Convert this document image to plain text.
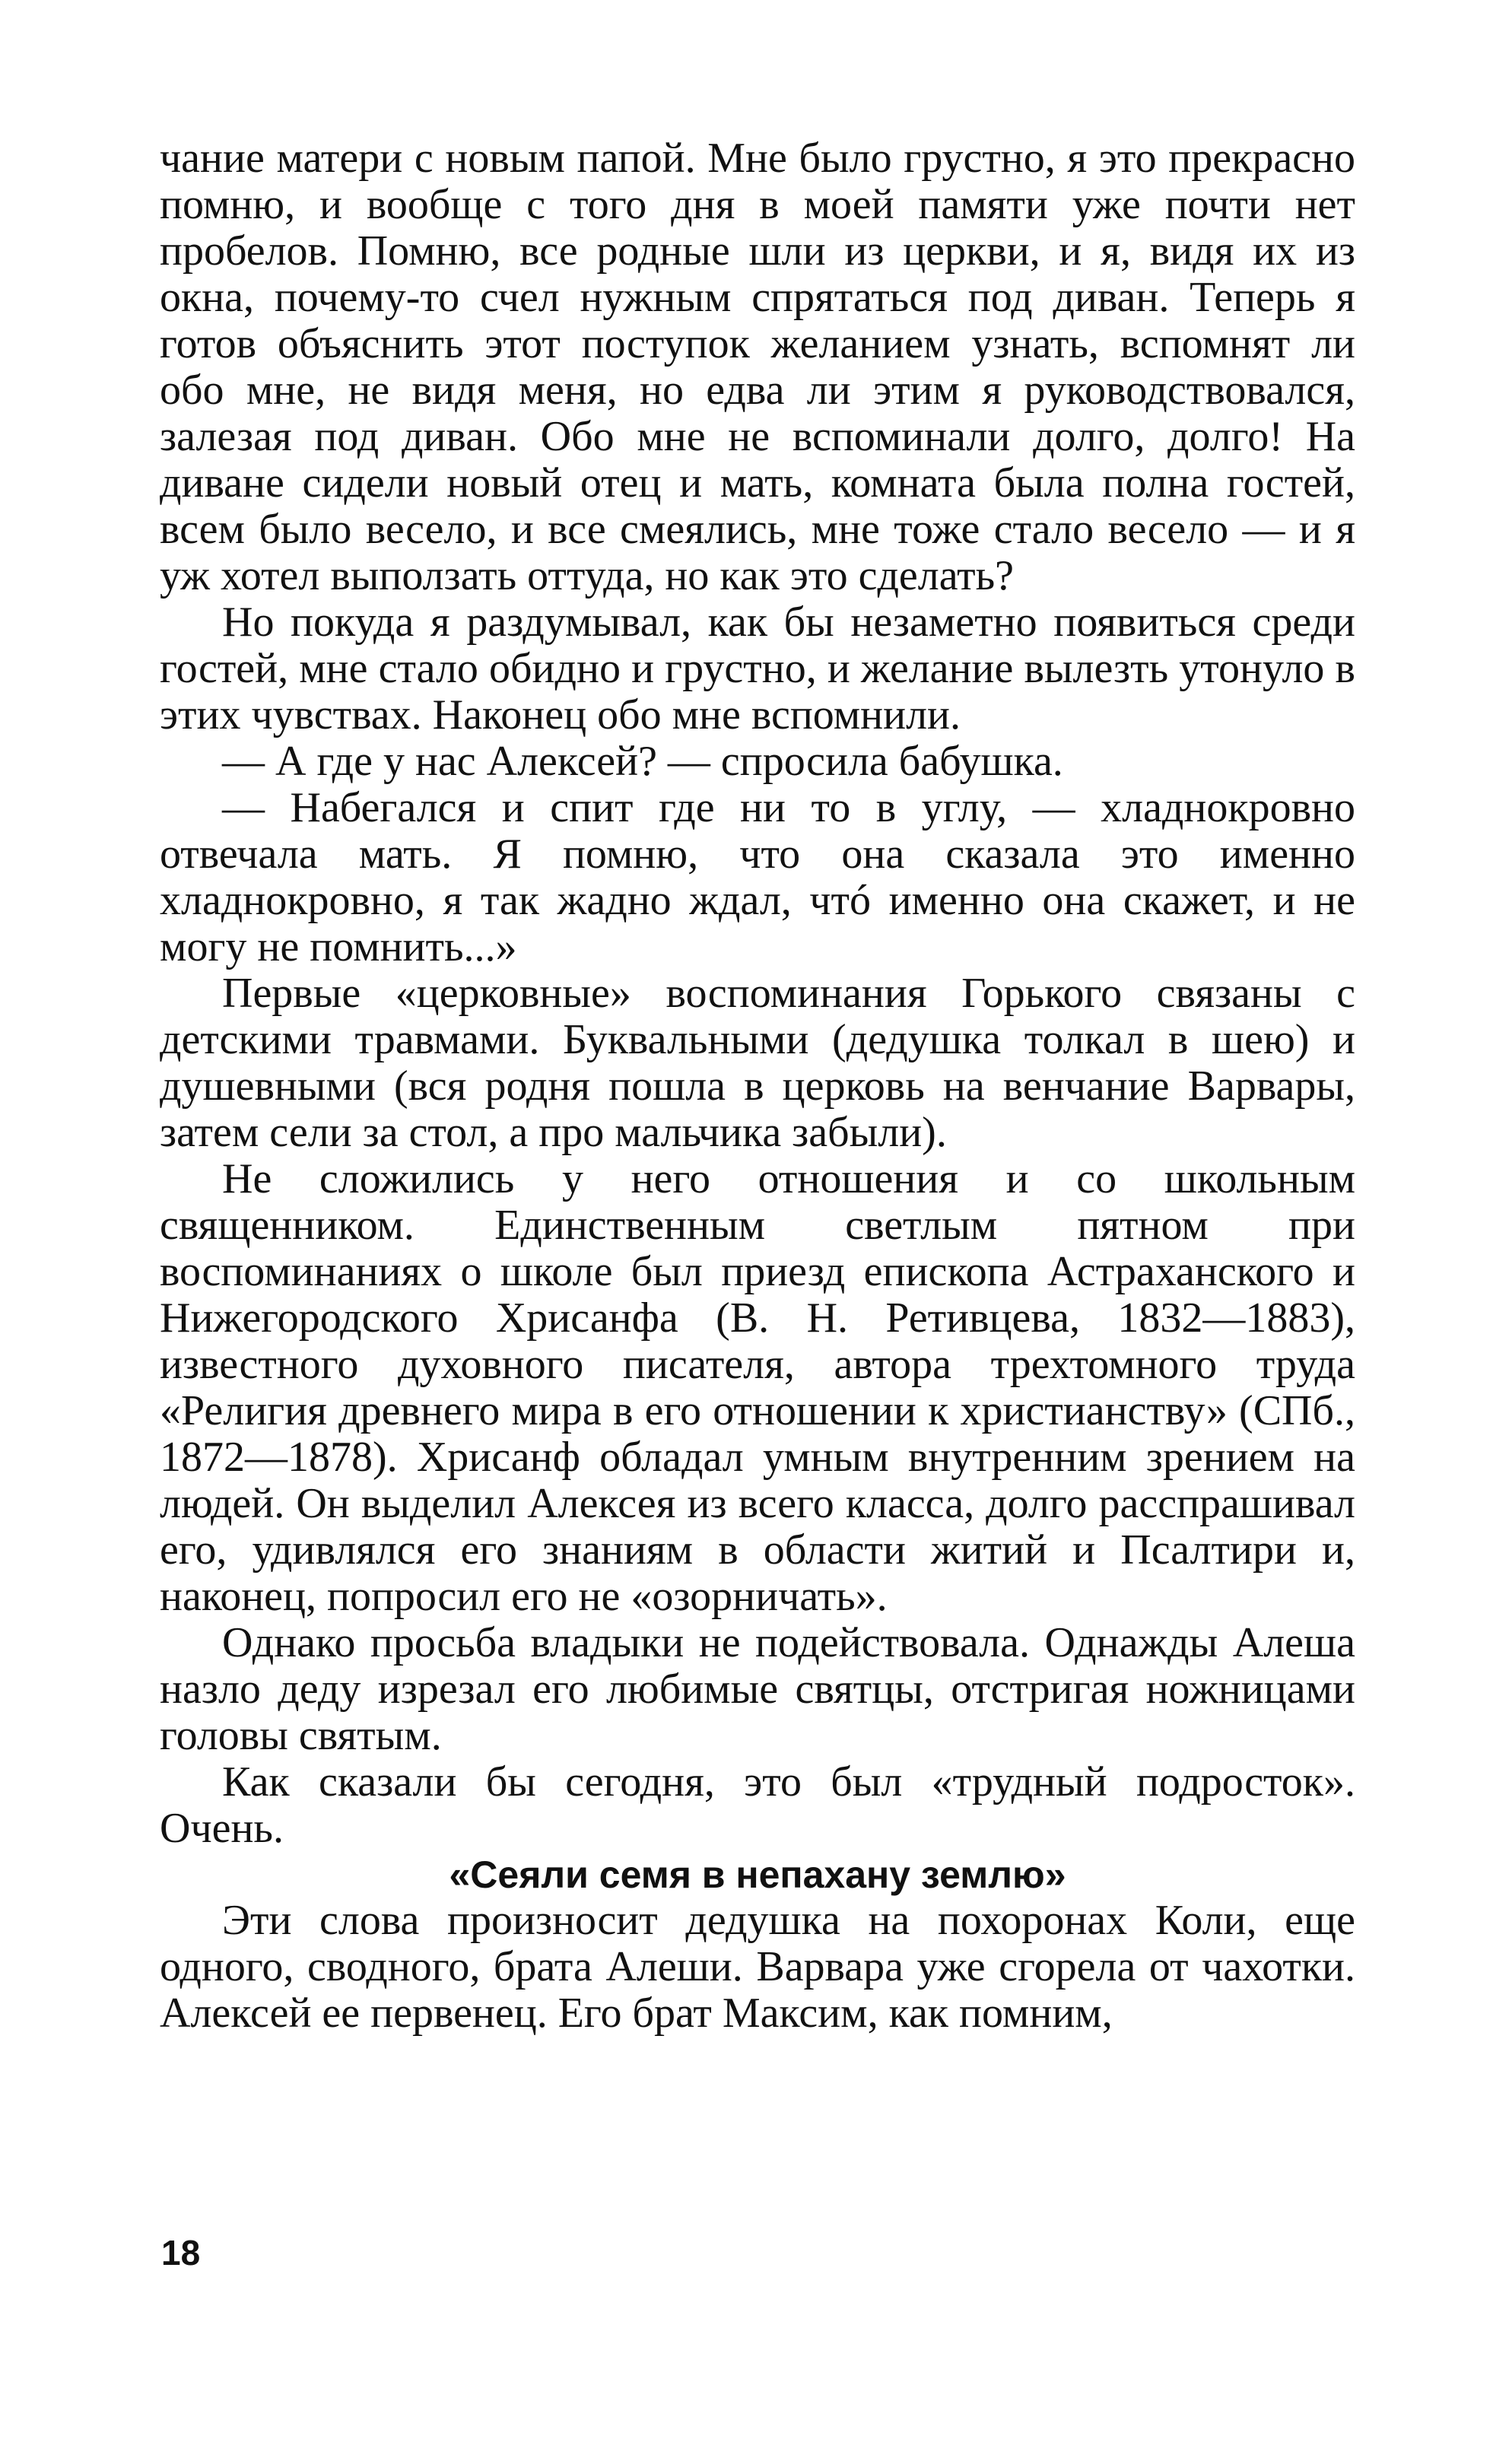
чание матери с новым папой. Мне было грустно, я это прекрасно помню, и вообще с того дня в моей памяти уже почти нет пробелов. Помню, все родные шли из церкви, и я, видя их из окна, почему-то счел нужным спрятаться под диван. Теперь я готов объяснить этот поступок желанием узнать, вспомнят ли обо мне, не видя меня, но едва ли этим я руководствовался, залезая под диван. Обо мне не вспоминали долго, долго! На диване сидели новый отец и мать, комната была полна гостей, всем было весело, и все смеялись, мне тоже стало весело — и я уж хотел выползать оттуда, но как это сделать?

Но покуда я раздумывал, как бы незаметно появиться среди гостей, мне стало обидно и грустно, и желание вылезть утонуло в этих чувствах. Наконец обо мне вспомнили.

— А где у нас Алексей? — спросила бабушка.

— Набегался и спит где ни то в углу, — хладнокровно отвечала мать. Я помню, что она сказала это именно хладнокровно, я так жадно ждал, чтó именно она скажет, и не могу не помнить...»

Первые «церковные» воспоминания Горького связаны с детскими травмами. Буквальными (дедушка толкал в шею) и душевными (вся родня пошла в церковь на венчание Варвары, затем сели за стол, а про мальчика забыли).

Не сложились у него отношения и со школьным священником. Единственным светлым пятном при воспоминаниях о школе был приезд епископа Астраханского и Нижегородского Хрисанфа (В. Н. Ретивцева, 1832—1883), известного духовного писателя, автора трехтомного труда «Религия древнего мира в его отношении к христианству» (СПб., 1872—1878). Хрисанф обладал умным внутренним зрением на людей. Он выделил Алексея из всего класса, долго расспрашивал его, удивлялся его знаниям в области житий и Псалтири и, наконец, попросил его не «озорничать».

Однако просьба владыки не подействовала. Однажды Алеша назло деду изрезал его любимые святцы, отстригая ножницами головы святым.

Как сказали бы сегодня, это был «трудный подросток». Очень.

«Сеяли семя в непахану землю»

Эти слова произносит дедушка на похоронах Коли, еще одного, сводного, брата Алеши. Варвара уже сгорела от чахотки. Алексей ее первенец. Его брат Максим, как помним,

18
